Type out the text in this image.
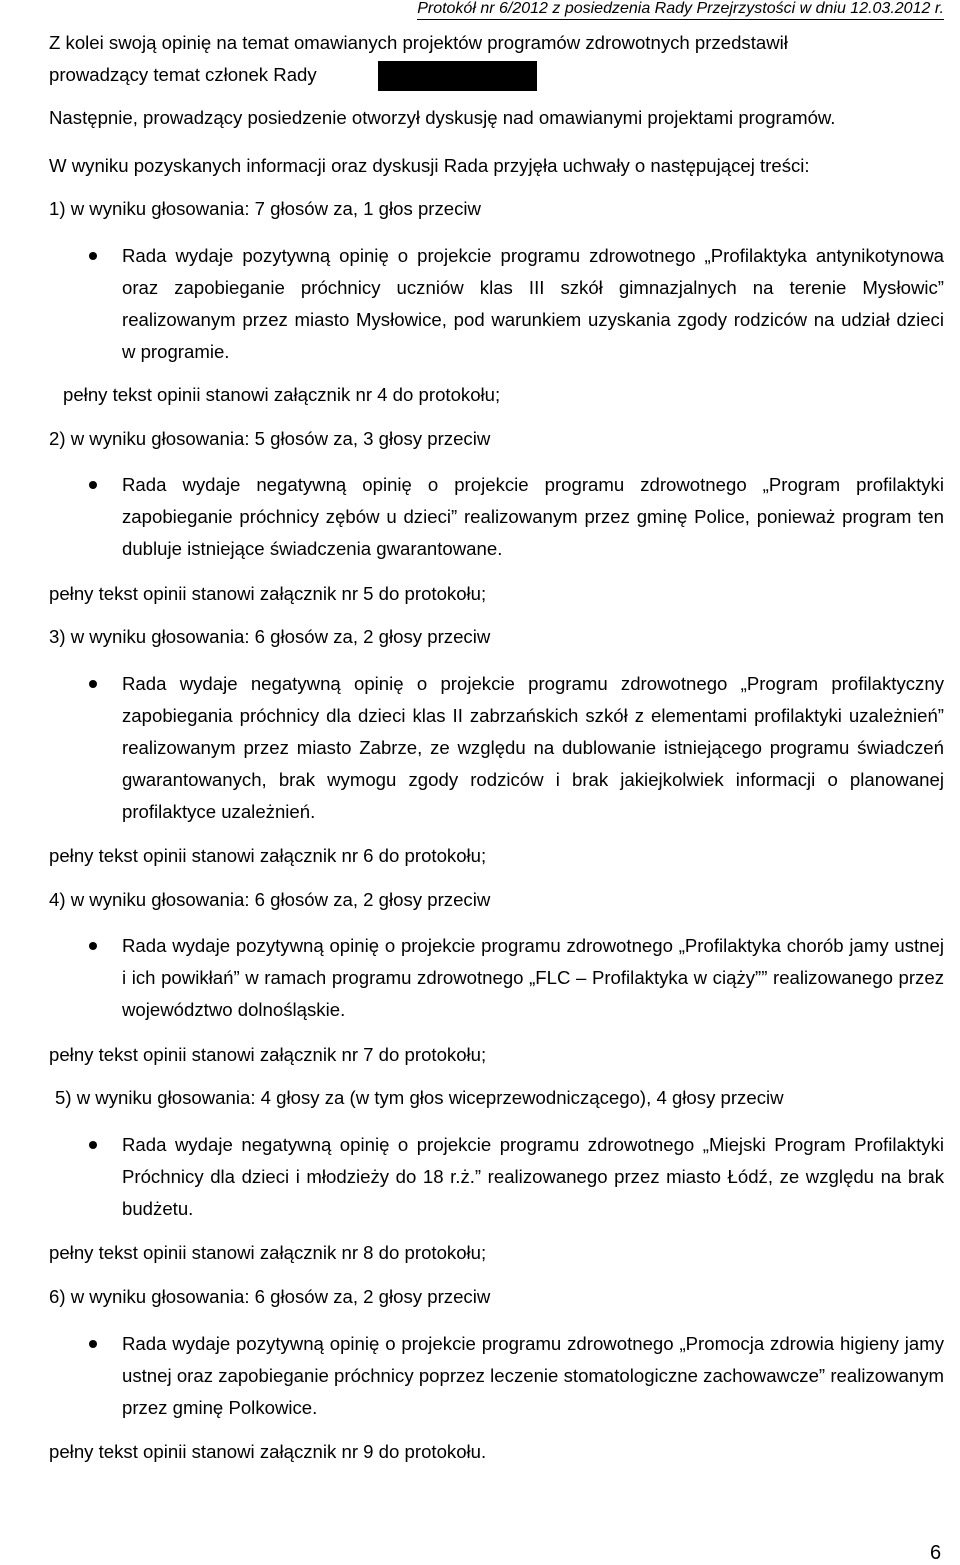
Protokół nr 6/2012 z posiedzenia Rady Przejrzystości w dniu 12.03.2012 r.
Z kolei swoją opinię na temat omawianych projektów programów zdrowotnych przedstawił
prowadzący temat członek Rady
Następnie, prowadzący posiedzenie otworzył dyskusję nad omawianymi projektami programów.
W wyniku pozyskanych informacji oraz dyskusji Rada przyjęła uchwały o następującej treści:
1) w wyniku głosowania: 7 głosów za, 1 głos przeciw
Rada wydaje pozytywną opinię o projekcie programu zdrowotnego „Profilaktyka antynikotynowa oraz zapobieganie próchnicy uczniów klas III szkół gimnazjalnych na terenie Mysłowic” realizowanym przez miasto Mysłowice, pod warunkiem uzyskania zgody rodziców na udział dzieci w programie.
pełny tekst opinii stanowi załącznik nr 4 do protokołu;
2) w wyniku głosowania: 5 głosów za, 3 głosy przeciw
Rada wydaje negatywną opinię o projekcie programu zdrowotnego „Program profilaktyki zapobieganie próchnicy zębów u dzieci” realizowanym przez gminę Police, ponieważ program ten dubluje istniejące świadczenia gwarantowane.
pełny tekst opinii stanowi załącznik nr 5 do protokołu;
3) w wyniku głosowania: 6 głosów za, 2 głosy przeciw
Rada wydaje negatywną opinię o projekcie programu zdrowotnego „Program profilaktyczny zapobiegania próchnicy dla dzieci klas II zabrzańskich szkół z elementami profilaktyki uzależnień” realizowanym przez miasto Zabrze, ze względu na dublowanie istniejącego programu świadczeń gwarantowanych, brak wymogu zgody rodziców i brak jakiejkolwiek informacji o planowanej profilaktyce uzależnień.
pełny tekst opinii stanowi załącznik nr 6 do protokołu;
4) w wyniku głosowania: 6 głosów za, 2 głosy przeciw
Rada wydaje pozytywną opinię o projekcie programu zdrowotnego „Profilaktyka chorób jamy ustnej i ich powikłań” w ramach programu zdrowotnego „FLC – Profilaktyka w ciąży”” realizowanego przez województwo dolnośląskie.
pełny tekst opinii stanowi załącznik nr 7 do protokołu;
5) w wyniku głosowania: 4 głosy za (w tym głos wiceprzewodniczącego), 4 głosy przeciw
Rada wydaje negatywną opinię o projekcie programu zdrowotnego „Miejski Program Profilaktyki Próchnicy dla dzieci i młodzieży do 18 r.ż.” realizowanego przez miasto Łódź, ze względu na brak budżetu.
pełny tekst opinii stanowi załącznik nr 8 do protokołu;
6) w wyniku głosowania: 6 głosów za, 2 głosy przeciw
Rada wydaje pozytywną opinię o projekcie programu zdrowotnego „Promocja zdrowia higieny jamy ustnej oraz zapobieganie próchnicy poprzez leczenie stomatologiczne zachowawcze” realizowanym przez gminę Polkowice.
pełny tekst opinii stanowi załącznik nr 9 do protokołu.
6
